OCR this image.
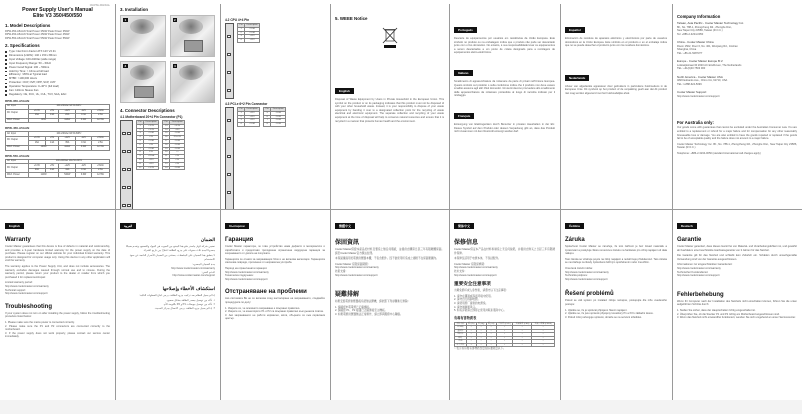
CM-PSU-MANUAL
Power Supply User's Manual
Elite V3 350/450/550
1. Model Descriptions
RPW-350-A5AAN Total Power 350W Peak Power 350W
RPW-450-A5AAN Total Power 450W Peak Power 450W
RPW-550-A5AAN Total Power 550W Peak Power 550W
2. Specifications
Type: Intel Form Factor ATX 12V V2.31
Dimensions (L/W/H): 140 x 150 x 86mm
Input Voltage: 100-240Vac (wide range)
Input Frequency Range: 50 ~ 60Hz
Power Good Signal: 100 ~ 500ms
Hold Up Time: > 16ms at full load
Efficiency: >80% at Typical load
MTBF: >100,000 Hours
Protection: OCP, OVP, OPP, SCP, UVP
Operation Temperature: 0~40°C (full load)
Fan: 120mm Sleeve Fan
Regulatory: CE, FCC, UL, CUL, TUV, SAA, EAC
RPW-350-A5AAN
AC Input	100-240Vac 6A 50-60Hz				
DC Output	+3.3V	+5V	+12V	-12V	+5Vsb
	16A	14A	26A	0.3A	2.5A
MAX. Power	80W		348W	3.6W	12.5W
RPW-450-A5AAN
AC Input	100-240Vac 8A 50-60Hz				
DC Output	+3.3V	+5V	+12V	-12V	+5Vsb
	16A	14A	35A	0.3A	2.5A
MAX. Power	120W		444W	3.6W	12.5W
RPW-550-A5AAN
AC Input	100-240Vac 10A 50-60Hz				
DC Output	+3.3V	+5V	+12V	-12V	+5Vsb
	20A	14A	44A	0.3A	2.5A
MAX. Power	110W		540W	3.6W	12.5W
3. Installation
1	2
3	4
4. Connector Descriptions
4.1 Motherboard 20+4 Pin Connector (P1)
Pin	Description
1	+3.3V
2	+3.3V
3	COM
4	+5V
5	COM
6	+5V
7	COM
8	P.G.
9	+5Vsb
10	+12V
11	+12V
12	+3.3V
Pin	Description
13	+3.3V
14	-12V
15	COM
16	PS-ON
17	COM
18	COM
19	COM
20	----
21	+5V
22	+5V
23	+5V
24	COM
4.2 CPU 4+4 Pin
Pin	Description
1	COM
2	COM
3	+12V
4	+12V
4.3 PCI-e 6+2 Pin Connector
Pin	Description
1	+12V
2	+12V
3	+12V
4	COM
Pin	Description
5	COM
6	COM
7	COM
8	COM

5. WEEE Notice
English
Disposal of Waste Equipment by Users in Private Household in the European Union. This symbol on the product or on its packaging indicates that this product must not be disposed of with your other household waste. Instead, it is your responsibility to dispose of your waste equipment by handing it over to a designated collection point for the recycling of waste electrical and electronic equipment. The separate collection and recycling of your waste equipment at the time of disposal will help to conserve natural resources and ensure that it is recycled in a manner that protects human health and the environment.
Português
Descarte de equipamentos por usuários em residências da União Europeia. Este símbolo no produto ou na embalagem indica que o produto não pode ser descartado junto com o lixo doméstico. No entanto, é sua responsabilidade levar os equipamentos a serem descartados a um ponto de coleta designado para a reciclagem de equipamentos eletro-eletrônicos.
Italiano
Smaltimento di apparecchiature da rottamare da parte di privati nell'Unione Europea. Questo simbolo sul prodotto o sulla confezione indica che il prodotto non deve essere smaltito assieme agli altri rifiuti domestici. Gli utenti devono provvedere allo smaltimento delle apparecchiature da rottamare portandole al luogo di raccolta indicato per il riciclaggio.
Français
Entsorgung von Elektrogeräten durch Benutzer in privaten Haushalten in der EU. Dieses Symbol auf dem Produkt oder dessen Verpackung gibt an, dass das Produkt nicht zusammen mit dem Restmüll entsorgt werden darf.
Español
Eliminación de residuos de aparatos eléctricos y electrónicos por parte de usuarios domésticos en la Unión Europea. Este símbolo en el producto o en el embalaje indica que no se puede desechar el producto junto con los residuos domésticos.
Nederlands
Afvoer van afgedankte apparatuur door gebruikers in particuliere huishoudens in de Europese Unie. Dit symbool op het product of de verpakking geeft aan dat dit product niet mag worden afgevoerd met het huishoudelijke afval.
Company Information
Taiwan, Asia Pacific - Cooler Master Technology Inc.
8F., No. 788-1, Zhongzheng Rd., Zhonghe Dist.,
New Taipei City 23586, Taiwan (R.O.C.)
Tel: +886-2-3234-0050
China - Cooler Master China
Room 1502, Floor 6, No. 401, Wenjiang Rd., Jinshan
Shanghai, China
TEL: +86-21-5287377
Europe - Cooler Master Europe B.V.
Lodewijkstraat 30 2020 AC Eindhoven, The Netherlands
TEL: +31(0)40 7503 000
North America - Cooler Master USA
4820 Eubanks Ave., Chino CA, 91710, USA
TEL: 1-888-624-5099
Cooler Master Support:
http://www.coolermaster.com/support
For Australia only:
Our goods come with guarantees that cannot be excluded under the Australian Consumer Law. You are entitled to a replacement or refund for a major failure and for compensation for any other reasonably foreseeable loss or damage. You are also entitled to have the goods repaired or replaced if the goods fail to be of acceptable quality and the failure does not amount to a major failure.
Cooler Master Technology Inc. 8F., No. 788-1, Zhongzheng Rd., Zhonghe Dist., New Taipei City 23586, Taiwan (R.O.C.)
Telephone: +886-2-3234-0050 (standard international call charges apply)
English
Warranty
Cooler Master guarantees that this device is free of defects in material and workmanship, and provides a 3-year hardware limited warranty for the power supply on the date of purchase. Please register on our official website for your individual limited warranty. This product is designed for computer usage only. Using this device in any other application will void the warranty.
The warranty applies to the Power Supply Unit, and does not include accessories. The warranty excludes damages caused through normal use and to misuse. During the warranty period, please return your product to the dealer or retailer from which you purchased it for replacement/repair.
Limited warranty period:
http://www.coolermaster.com/warranty
Technical support:
http://www.coolermaster.com/support
Troubleshooting
If your system does not turn on after installing the power supply, follow the troubleshooting procedure listed below:
1. Please make sure the mains power is connected correctly.
2. Please make sure the P1 and P2 connectors are connected correctly to the motherboard.
3. If the power supply does not work properly, please contact our service center immediately.
العربية
الضمان
تضمن شركة كولر ماستر خلو هذا المنتج من العيوب في المواد والتصنيع، وتقدم ضمانًا محدودًا لمدة ثلاث سنوات على مزود الطاقة اعتبارًا من تاريخ الشراء.
لا ينطبق هذا الضمان على الملحقات. يستثنى من الضمان الأضرار الناتجة عن سوء الاستخدام.
مدة الضمان المحدود:
http://www.coolermaster.com/warranty
الدعم الفني:
http://www.coolermaster.com/support
استكشاف الأخطاء وإصلاحها
إذا لم يعمل النظام بعد تركيب مزود الطاقة، يرجى اتباع الخطوات التالية:
١. تأكد من توصيل مصدر الطاقة بشكل صحيح.
٢. تأكد من توصيل موصلات P1 و P2 باللوحة الأم.
٣. إذا لم يعمل مزود الطاقة، يرجى الاتصال بمركز الخدمة.
български
Гаранция
Cooler Master гарантира, че това устройство няма дефекти в материалите и изработката и предоставя тригодишна ограничена хардуерна гаранция за захранването от датата на покупката.
Гаранцията се отнася за захранващия блок и не включва аксесоари. Гаранцията изключва повреди, причинени от неправилна употреба.
Период на ограничената гаранция:
http://www.coolermaster.com/warranty
Техническа поддръжка:
http://www.coolermaster.com/support
Отстраняване на проблеми
Ако системата Ви не се включва след инсталиране на захранването, следвайте процедурата по-долу:
1. Уверете се, че основното захранване е свързано правилно.
2. Уверете се, че конекторите P1 и P2 са свързани правилно към дънната платка.
3. Ако захранването не работи нормално, моля, обърнете се към сервизния център.
繁體中文
保固資訊
Cooler Master保證本產品於材料及製造上無任何瑕疵，並提供自購買日起三年有限硬體保固。請至Cooler Master官方網站註冊。
本保固僅適用於電源供應器本體，不包含配件。因不當使用所造成之損壞不在保固範圍內。
Cooler Master 有限保固期間：
http://www.coolermaster.com/warranty
技術支援：
http://www.coolermaster.com/support
疑難排解
如果安裝電源供應器後系統無法開機，請依照下列步驟進行排除：
1. 請確認市電電源已正確連接。
2. 請確認 P1、P2 接頭已正確連接至主機板。
3. 如果電源供應器無法正常運作，請立即與服務中心聯絡。
简体中文
保修信息
Cooler Master保证本产品在材料和制造上无任何缺陷，并提供自购买之日起三年有限硬件保修。
本保修仅适用于电源本体，不包括配件。
Cooler Master 有限保修期：
http://www.coolermaster.com/warranty
技术支持：
http://www.coolermaster.com/support
重要安全注意事项
为避免损坏或人身伤害，请遵守以下注意事项：
1. 请勿在潮湿或高温环境中使用。
2. 请勿自行拆卸电源。
3. 请使用原厂提供的电源线。
4. 请勿堵塞通风口。
5. 如有异常请立即停止使用并联系服务中心。
有毒有害物质表
部件名称	铅 (Pb)	汞 (Hg)	镉 (Cd)	六价铬 (Cr6+)	多溴联苯 (PBB)	多溴二苯醚 (PBDE)
PCB板	○	○	○	○	○	○
金属件	○	○	○	○	○	○
塑料件	○	○	○	○	○	○
线材	○	○	○	○	○	○
风扇	○	○	○	○	○	○
电子元件	×	○	○	○	○	○
○ 表示该有毒有害物质含量在标准限量以下。
Čeština
Záruka
Společnost Cooler Master se zaručuje, že toto zařízení je bez závad materiálu a zpracování a poskytuje 3letou omezenou záruku na hardware pro zdroj napájení od data nákupu.
Tato záruka se vztahuje pouze na zdroj napájení a nezahrnuje příslušenství. Tato záruka se nevztahuje na škody způsobené běžným opotřebením nebo zneužitím.
Omezená záruční doba:
http://www.coolermaster.com/warranty
Technická podpora:
http://www.coolermaster.com/support
Řešení problémů
Pokud se váš systém po instalaci zdroje nezapne, postupujte dle níže uvedeného postupu:
1. Ujistěte se, že je správně připojeno hlavní napájení.
2. Ujistěte se, že jsou správně připojeny konektory P1 a P2 k základní desce.
3. Pokud zdroj nefunguje správně, obraťte se na servisní středisko.
Deutsch
Garantie
Cooler Master garantiert, dass dieses Gerät frei von Material- und Verarbeitungsfehlern ist, und gewährt ab Kaufdatum eine beschränkte Hardwaregarantie von 3 Jahren für das Netzteil.
Die Garantie gilt für das Netzteil und schließt kein Zubehör ein. Schäden durch unsachgemäße Verwendung sind von der Garantie ausgeschlossen.
Informationen zur eingeschränkten Garantiezeit:
http://www.coolermaster.com/warranty
Technischer Kundendienst:
http://www.coolermaster.com/support
Fehlerbehebung
Wenn Ihr Computer nach der Installation des Netzteils nicht einschalten können, führen Sie die unten aufgeführten Schritte durch:
1. Stellen Sie sicher, dass der Hauptschalter richtig eingeschaltet ist.
2. Überprüfen Sie, ob die Stecker P1 und P2 richtig am Motherboard angeschlossen sind.
3. Wenn das Netzteil nicht einwandfrei funktioniert, wenden Sie sich umgehend an unser Servicecenter.
